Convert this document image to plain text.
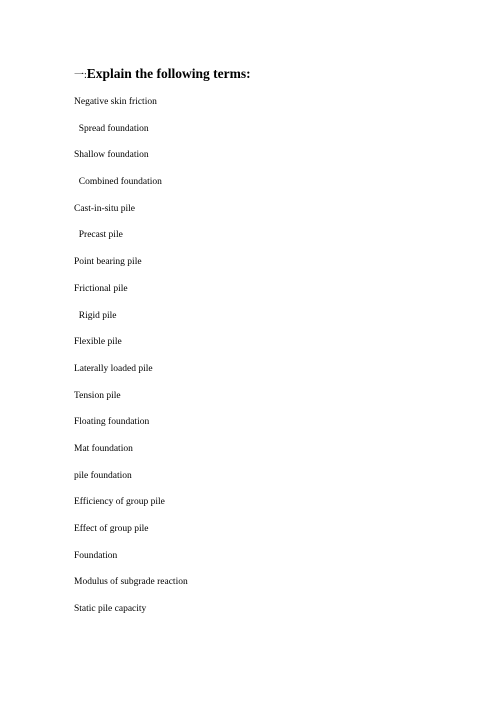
一:Explain the following terms:
Negative skin friction
Spread foundation
Shallow foundation
Combined foundation
Cast-in-situ pile
Precast pile
Point bearing pile
Frictional pile
Rigid pile
Flexible pile
Laterally loaded pile
Tension pile
Floating foundation
Mat foundation
pile foundation
Efficiency of group pile
Effect of group pile
Foundation
Modulus of subgrade reaction
Static pile capacity
